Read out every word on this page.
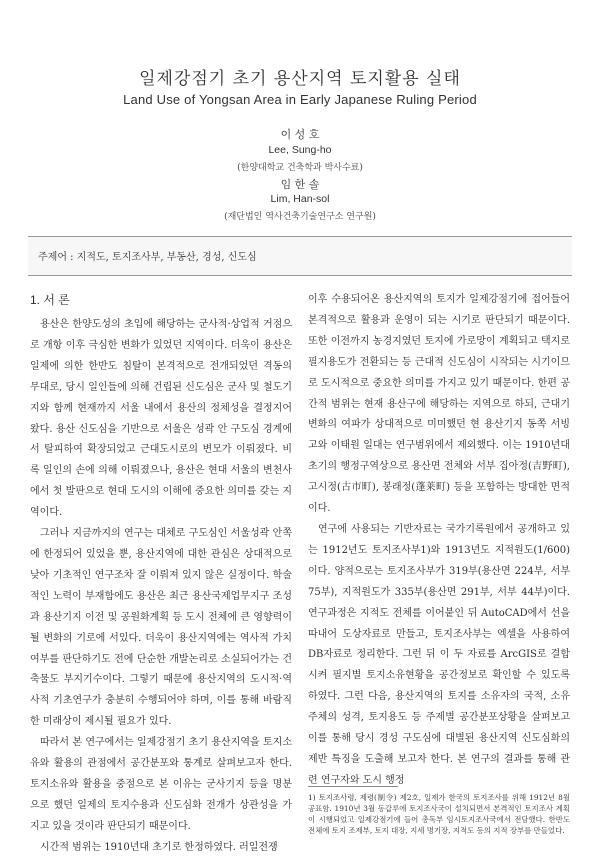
일제강점기 초기 용산지역 토지활용 실태
Land Use of Yongsan Area in Early Japanese Ruling Period
이 성 호
Lee, Sung-ho
(한양대학교 건축학과 박사수료)
임 한 솔
Lim, Han-sol
(재단법인 역사건축기술연구소 연구원)
주제어 : 지적도, 토지조사부, 부동산, 경성, 신도심
1. 서 론

용산은 한양도성의 초입에 해당하는 군사적·상업적 거점으로 개항 이후 극심한 변화가 있었던 지역이다. 더욱이 용산은 일제에 의한 한반도 침탈이 본격적으로 전개되었던 격동의 무대로, 당시 일인들에 의해 건립된 신도심은 군사 및 철도기지와 함께 현재까지 서울 내에서 용산의 정체성을 결정지어 왔다. 용산 신도심을 기반으로 서울은 성곽 안 구도심 경계에서 탈피하여 확장되었고 근대도시로의 변모가 이뤄졌다. 비록 일인의 손에 의해 이뤄졌으나, 용산은 현대 서울의 변천사에서 첫 발판으로 현대 도시의 이해에 중요한 의미를 갖는 지역이다.

그러나 지금까지의 연구는 대체로 구도심인 서울성곽 안쪽에 한정되어 있었을 뿐, 용산지역에 대한 관심은 상대적으로 낮아 기초적인 연구조차 잘 이뤄져 있지 않은 실정이다. 학술적인 노력이 부재함에도 용산은 최근 용산국제업무지구 조성과 용산기지 이전 및 공원화계획 등 도시 전체에 큰 영향력이 될 변화의 기로에 서있다. 더욱이 용산지역에는 역사적 가치 여부를 판단하기도 전에 단순한 개발논리로 소실되어가는 건축물도 부지기수이다. 그렇기 때문에 용산지역의 도시적·역사적 기초연구가 충분히 수행되어야 하며, 이를 통해 바람직한 미래상이 제시될 필요가 있다.

따라서 본 연구에서는 일제강점기 초기 용산지역을 토지소유와 활용의 관점에서 공간분포와 통계로 살펴보고자 한다. 토지소유와 활용을 중점으로 본 이유는 군사기지 등을 명분으로 했던 일제의 토지수용과 신도심화 전개가 상관성을 가지고 있을 것이라 판단되기 때문이다.

시간적 범위는 1910년대 초기로 한정하였다. 러일전쟁

이후 수용되어온 용산지역의 토지가 일제강점기에 접어들어 본격적으로 활용과 운영이 되는 시기로 판단되기 때문이다. 또한 이전까지 농경지였던 토지에 가로망이 계획되고 택지로 필지용도가 전환되는 등 근대적 신도심이 시작되는 시기이므로 도시적으로 중요한 의미를 가지고 있기 때문이다. 한편 공간적 범위는 현재 용산구에 해당하는 지역으로 하되, 근대기 변화의 여파가 상대적으로 미미했던 현 용산기지 동쪽 서빙고와 이태원 일대는 연구범위에서 제외했다. 이는 1910년대 초기의 행정구역상으로 용산면 전체와 서부 집아정(吉野町), 고시정(古市町), 봉래정(蓬莱町) 등을 포함하는 방대한 면적이다.

연구에 사용되는 기반자료는 국가기록원에서 공개하고 있는 1912년도 토지조사부1)와 1913년도 지적원도(1/600)이다. 양적으로는 토지조사부가 319부(용산면 224부, 서부 75부), 지적원도가 335부(용산면 291부, 서부 44부)이다. 연구과정은 지적도 전체를 이어붙인 뒤 AutoCAD에서 선을 따내어 도상자료로 만들고, 토지조사부는 엑셀을 사용하여 DB자료로 정리한다. 그런 뒤 이 두 자료를 ArcGIS로 결합시켜 필지별 토지소유현황을 공간정보로 확인할 수 있도록 하였다. 그런 다음, 용산지역의 토지를 소유자의 국적, 소유주체의 성격, 토지용도 등 주제별 공간분포상황을 살펴보고 이를 통해 당시 경성 구도심에 대별된 용산지역 신도심화의 제반 특징을 도출해 보고자 한다. 본 연구의 결과를 통해 관련 연구자와 도시 행정

1) 토지조사령, 제령(制令) 제2호, 일제가 한국의 토지조사를 위해 1912년 8월 공표함. 1910년 3월 동갑루에 토지조사국이 설치되면서 본격적인 토지조사 계획이 시행되었고 일제강점기에 들어 총독부 임시토지조사국에서 전담했다. 한반도 전체에 토지 조제부, 토지 대장, 지세 명기장, 지적도 등의 지적 장부를 만들었다.
